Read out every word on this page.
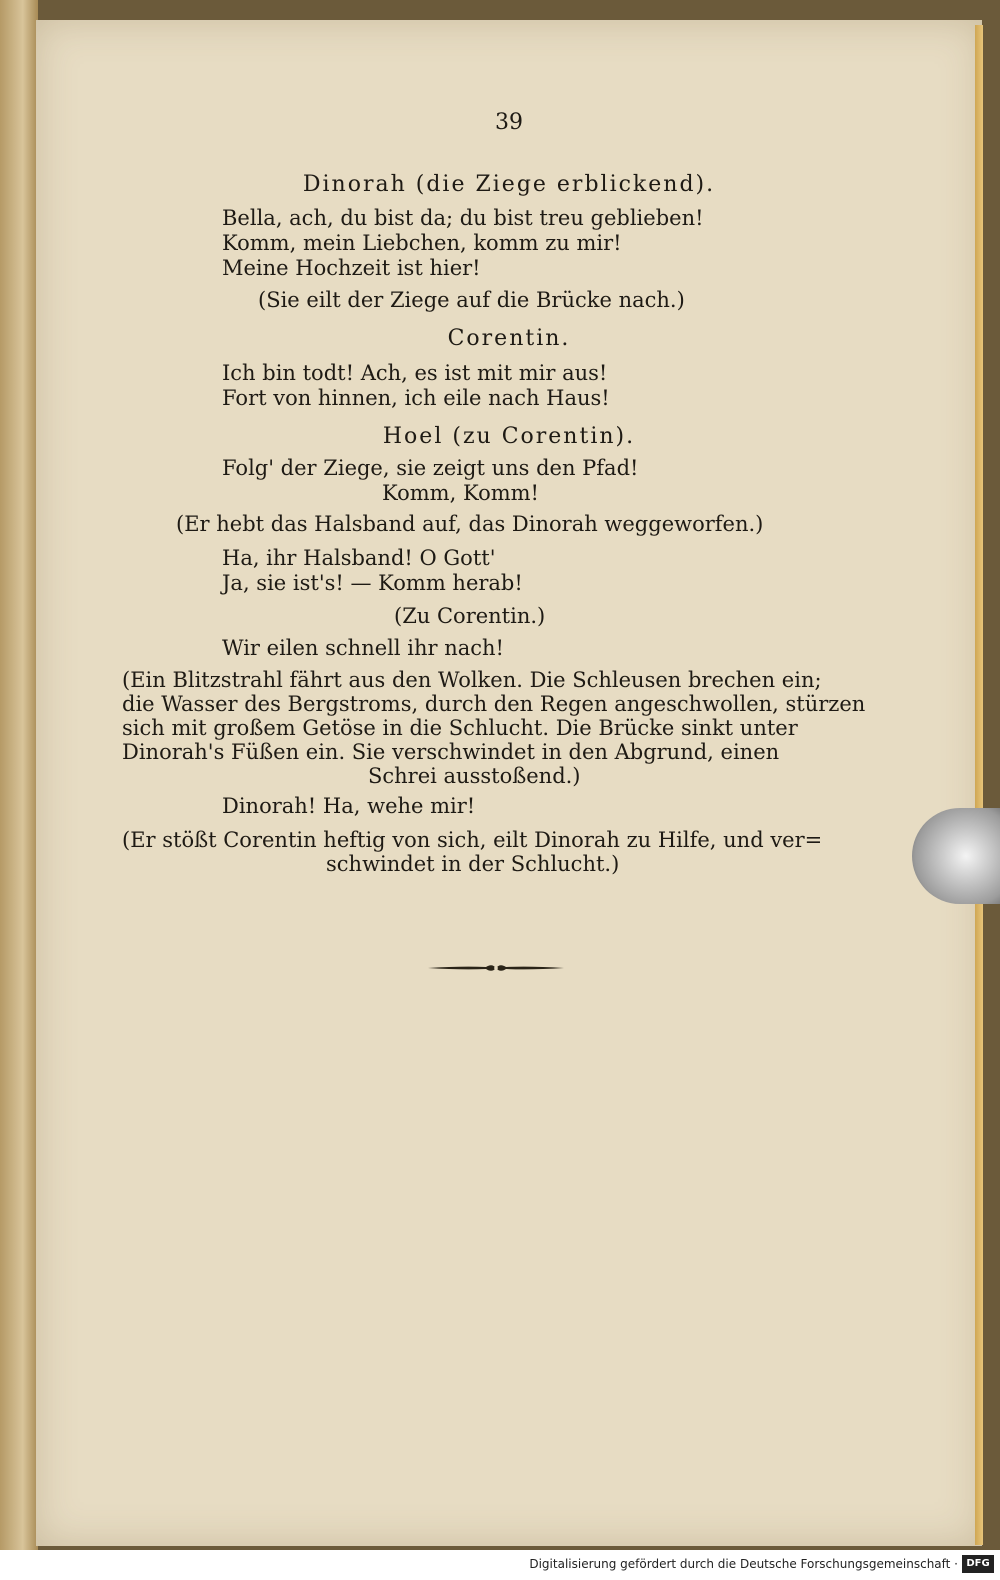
39
Dinorah (die Ziege erblickend).
Bella, ach, du bist da; du bist treu geblieben!
Komm, mein Liebchen, komm zu mir!
Meine Hochzeit ist hier!
(Sie eilt der Ziege auf die Brücke nach.)
Corentin.
Ich bin todt! Ach, es ist mit mir aus!
Fort von hinnen, ich eile nach Haus!
Hoel (zu Corentin).
Folg' der Ziege, sie zeigt uns den Pfad!
Komm, Komm!
(Er hebt das Halsband auf, das Dinorah weggeworfen.)
Ha, ihr Halsband! O Gott'
Ja, sie ist's! — Komm herab!
(Zu Corentin.)
Wir eilen schnell ihr nach!
(Ein Blitzstrahl fährt aus den Wolken. Die Schleusen brechen ein;
die Wasser des Bergstroms, durch den Regen angeschwollen, stürzen
sich mit großem Getöse in die Schlucht. Die Brücke sinkt unter
Dinorah's Füßen ein. Sie verschwindet in den Abgrund, einen
Schrei ausstoßend.)
Dinorah! Ha, wehe mir!
(Er stößt Corentin heftig von sich, eilt Dinorah zu Hilfe, und ver=
schwindet in der Schlucht.)
Digitalisierung gefördert durch die Deutsche Forschungsgemeinschaft · DFG
